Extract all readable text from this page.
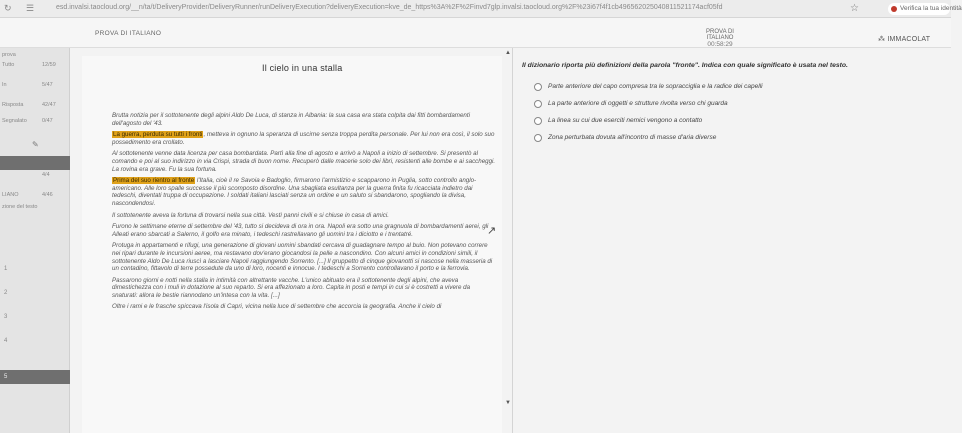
↻ ☰	esd.invalsi.taocloud.org/__n/ta/t/DeliveryProvider/DeliveryRunner/runDeliveryExecution?deliveryExecution=kve_de_https%3A%2F%2Finvd7glp.invalsi.taocloud.org%2F%23i67f4f1cb496562025040811521174acf05fd	☆	Verifica la tua identità
PROVA DI ITALIANO	PROVA DI ITALIANO
00:58:29
⁂ IMMACOLAT
prova
Tutto	12/59
In	5/47
Risposta	42/47
Segnalato	0/47
✎
4/4
LIANO	4/46
zione del testo
1
2
3
4
5
Il cielo in una stalla

Brutta notizia per il sottotenente degli alpini Aldo De Luca, di stanza in Albania: la sua casa era stata colpita dai fitti bombardamenti dell'agosto del '43.

La guerra, perduta su tutti i fronti, metteva in ognuno la speranza di uscirne senza troppa perdita personale. Per lui non era così, il solo suo possedimento era crollato.

Al sottotenente venne data licenza per casa bombardata. Partì alla fine di agosto e arrivò a Napoli a inizio di settembre. Si presentò al comando e poi al suo indirizzo in via Crispi, strada di buon nome. Recuperò dalle macerie solo dei libri, resistenti alle bombe e ai saccheggi. La rovina era grave. Fu la sua fortuna.

Prima del suo rientro al fronte l'Italia, cioè il re Savoia e Badoglio, firmarono l'armistizio e scapparono in Puglia, sotto controllo anglo-americano. Alle loro spalle successe il più scomposto disordine. Una sbagliata esultanza per la guerra finita fu ricacciata indietro dai tedeschi, diventati truppa di occupazione. I soldati italiani lasciati senza un ordine e un saluto si sbandarono, spogliando la divisa, nascondendosi.

Il sottotenente aveva la fortuna di trovarsi nella sua città. Vestì panni civili e si chiuse in casa di amici.

Furono le settimane eterne di settembre del '43, tutto si decideva di ora in ora. Napoli era sotto una gragnuola di bombardamenti aerei, gli Alleati erano sbarcati a Salerno, il golfo era minato, i tedeschi rastrellavano gli uomini tra i diciotto e i trentatré.

Protuga in appartamenti e rifugi, una generazione di giovani uomini sbandati cercava di guadagnare tempo al buio. Non potevano correre nei ripari durante le incursioni aeree, ma restavano dov'erano giocandosi la pelle a nascondino. Con alcuni amici in condizioni simili, il sottotenente Aldo De Luca riuscì a lasciare Napoli raggiungendo Sorrento. [...] Il gruppetto di cinque giovanotti si nascose nella masseria di un contadino, fittavolo di terre possedute da uno di loro, nocenti e innocue. I tedeschi a Sorrento controllavano il porto e la ferrovia.

Passarono giorni e notti nella stalla in intimità con altrettante vacche. L'unico abituato era il sottotenente degli alpini, che aveva dimestichezza con i muli in dotazione al suo reparto. Si era affezionato a loro. Capita in posti e tempi in cui si è costretti a vivere da snaturati: allora le bestie riannodano un'intesa con la vita. [...]

Oltre i rami e le frasche spiccava l'isola di Capri, vicina nella luce di settembre che accorcia la geografia. Anche il cielo di

▲
▼
↗
Il dizionario riporta più definizioni della parola "fronte". Indica con quale significato è usata nel testo.
Parte anteriore del capo compresa tra le sopracciglia e la radice dei capelli
La parte anteriore di oggetti e strutture rivolta verso chi guarda
La linea su cui due eserciti nemici vengono a contatto
Zona perturbata dovuta all'incontro di masse d'aria diverse
